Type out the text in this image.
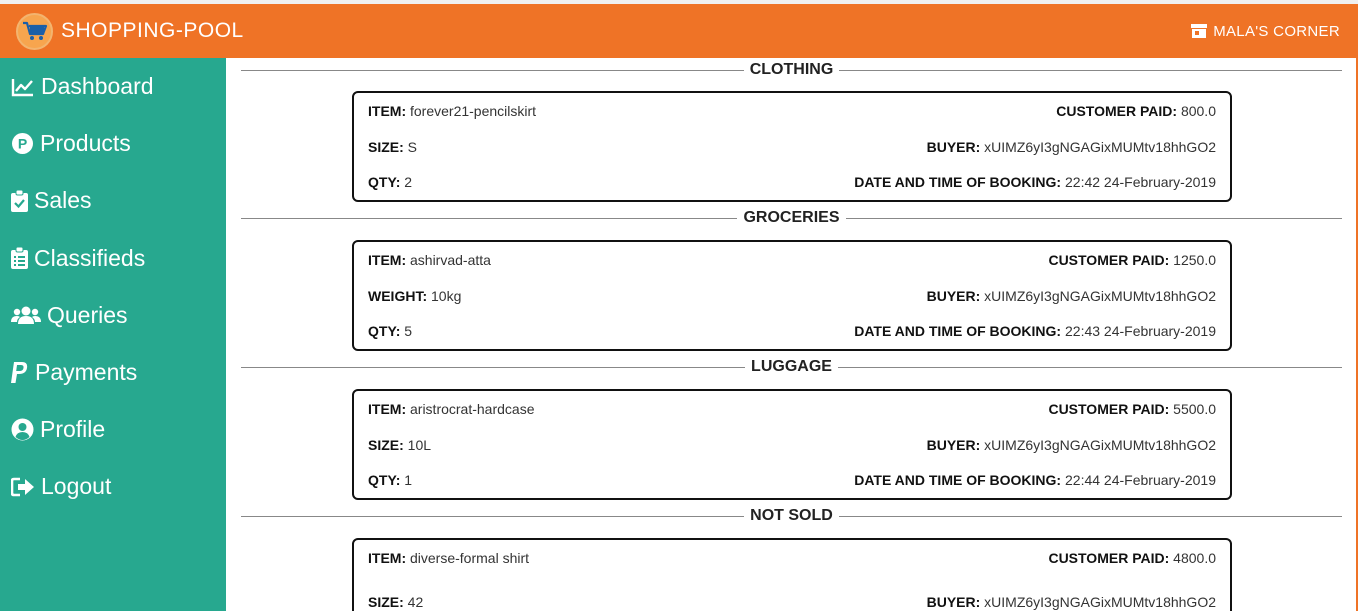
SHOPPING-POOL	MALA'S CORNER
Dashboard
P Products
Sales
Classifieds
Queries
Payments
Profile
Logout
CLOTHING
ITEM: forever21-pencilskirt
SIZE: S
QTY: 2
CUSTOMER PAID: 800.0
BUYER: xUIMZ6yI3gNGAGixMUMtv18hhGO2
DATE AND TIME OF BOOKING: 22:42 24-February-2019
GROCERIES
ITEM: ashirvad-atta
WEIGHT: 10kg
QTY: 5
CUSTOMER PAID: 1250.0
BUYER: xUIMZ6yI3gNGAGixMUMtv18hhGO2
DATE AND TIME OF BOOKING: 22:43 24-February-2019
LUGGAGE
ITEM: aristrocrat-hardcase
SIZE: 10L
QTY: 1
CUSTOMER PAID: 5500.0
BUYER: xUIMZ6yI3gNGAGixMUMtv18hhGO2
DATE AND TIME OF BOOKING: 22:44 24-February-2019
NOT SOLD
ITEM: diverse-formal shirt
SIZE: 42
CUSTOMER PAID: 4800.0
BUYER: xUIMZ6yI3gNGAGixMUMtv18hhGO2
